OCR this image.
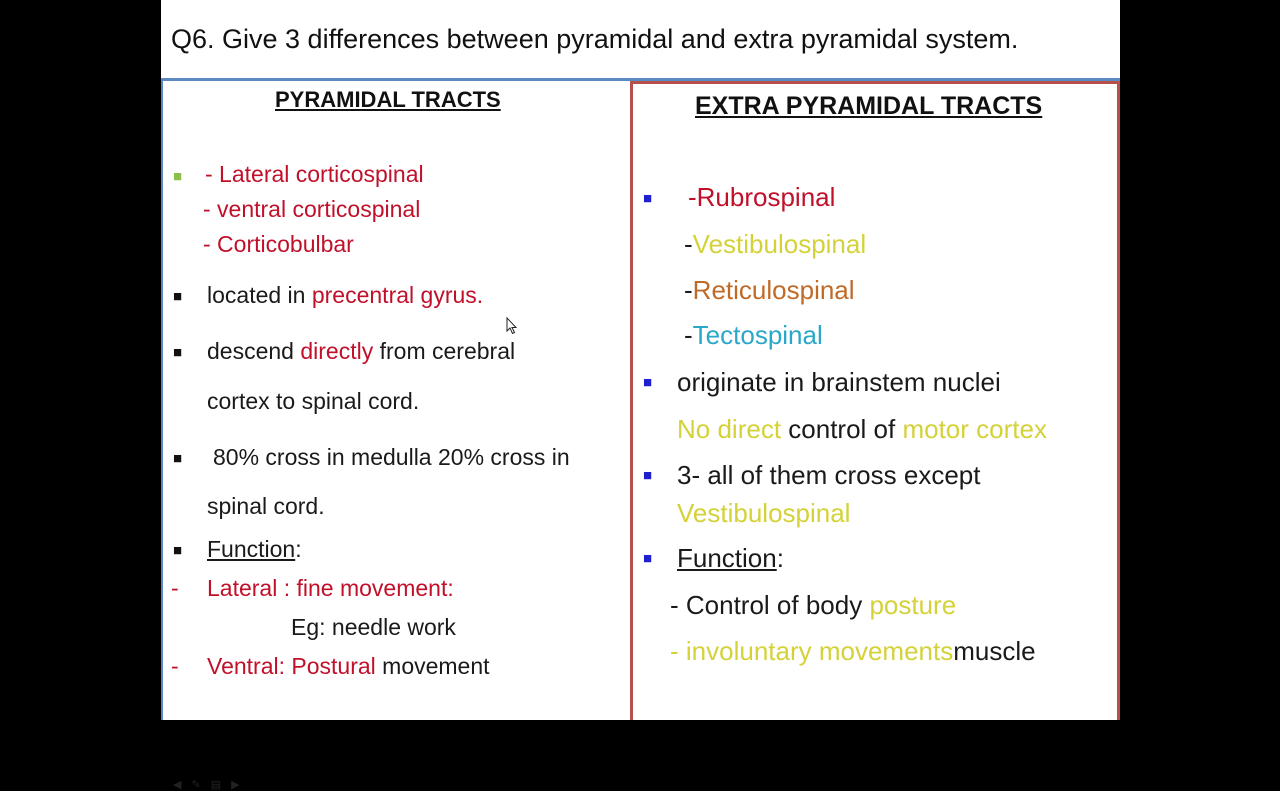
Q6. Give 3 differences between pyramidal and extra pyramidal system.
PYRAMIDAL TRACTS
■ - Lateral corticospinal
- ventral corticospinal
- Corticobulbar
■ located in precentral gyrus.
■ descend directly from cerebral
cortex to spinal cord.
■ 80% cross in medulla 20% cross in
spinal cord.
■ Function:
- Lateral : fine movement:
Eg: needle work
- Ventral: Postural movement
◀ ✎ ▤ ▶
EXTRA PYRAMIDAL TRACTS
■ -Rubrospinal
-Vestibulospinal
-Reticulospinal
-Tectospinal
■ originate in brainstem nuclei
No direct control of motor cortex
■ 3- all of them cross except
Vestibulospinal
■ Function:
- Control of body posture
- involuntary movementsmuscle
